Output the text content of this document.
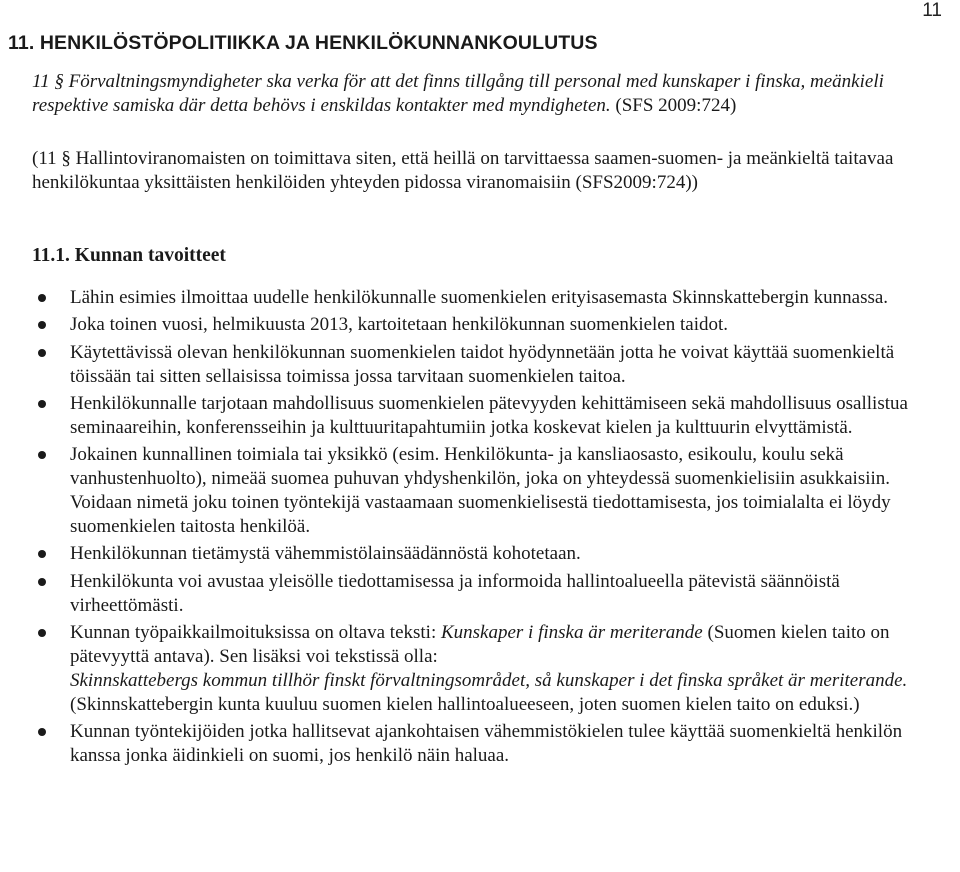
11
11. HENKILÖSTÖPOLITIIKKA JA HENKILÖKUNNANKOULUTUS

11 § Förvaltningsmyndigheter ska verka för att det finns tillgång till personal med kunskaper i finska, meänkieli respektive samiska där detta behövs i enskildas kontakter med myndigheten. (SFS 2009:724)

(11 § Hallintoviranomaisten on toimittava siten, että heillä on tarvittaessa saamen-suomen- ja meänkieltä taitavaa henkilökuntaa yksittäisten henkilöiden yhteyden pidossa viranomaisiin (SFS2009:724))

11.1. Kunnan tavoitteet
Lähin esimies ilmoittaa uudelle henkilökunnalle suomenkielen erityisasemasta Skinnskattebergin kunnassa.
Joka toinen vuosi, helmikuusta 2013, kartoitetaan henkilökunnan suomenkielen taidot.
Käytettävissä olevan henkilökunnan suomenkielen taidot hyödynnetään jotta he voivat käyttää suomenkieltä töissään tai sitten sellaisissa toimissa jossa tarvitaan suomenkielen taitoa.
Henkilökunnalle tarjotaan mahdollisuus suomenkielen pätevyyden kehittämiseen sekä mahdollisuus osallistua seminaareihin, konferensseihin ja kulttuuritapahtumiin jotka koskevat kielen ja kulttuurin elvyttämistä.
Jokainen kunnallinen toimiala tai yksikkö (esim. Henkilökunta- ja kansliaosasto, esikoulu, koulu sekä vanhustenhuolto), nimeää suomea puhuvan yhdyshenkilön, joka on yhteydessä suomenkielisiin asukkaisiin. Voidaan nimetä joku toinen työntekijä vastaamaan suomenkielisestä tiedottamisesta, jos toimialalta ei löydy suomenkielen taitosta henkilöä.
Henkilökunnan tietämystä vähemmistölainsäädännöstä kohotetaan.
Henkilökunta voi avustaa yleisölle tiedottamisessa ja informoida hallintoalueella pätevistä säännöistä virheettömästi.
Kunnan työpaikkailmoituksissa on oltava teksti: Kunskaper i finska är meriterande (Suomen kielen taito on pätevyyttä antava). Sen lisäksi voi tekstissä olla:
Skinnskattebergs kommun tillhör finskt förvaltningsområdet, så kunskaper i det finska språket är meriterande.
(Skinnskattebergin kunta kuuluu suomen kielen hallintoalueeseen, joten suomen kielen taito on eduksi.)
Kunnan työntekijöiden jotka hallitsevat ajankohtaisen vähemmistökielen tulee käyttää suomenkieltä henkilön kanssa jonka äidinkieli on suomi, jos henkilö näin haluaa.
